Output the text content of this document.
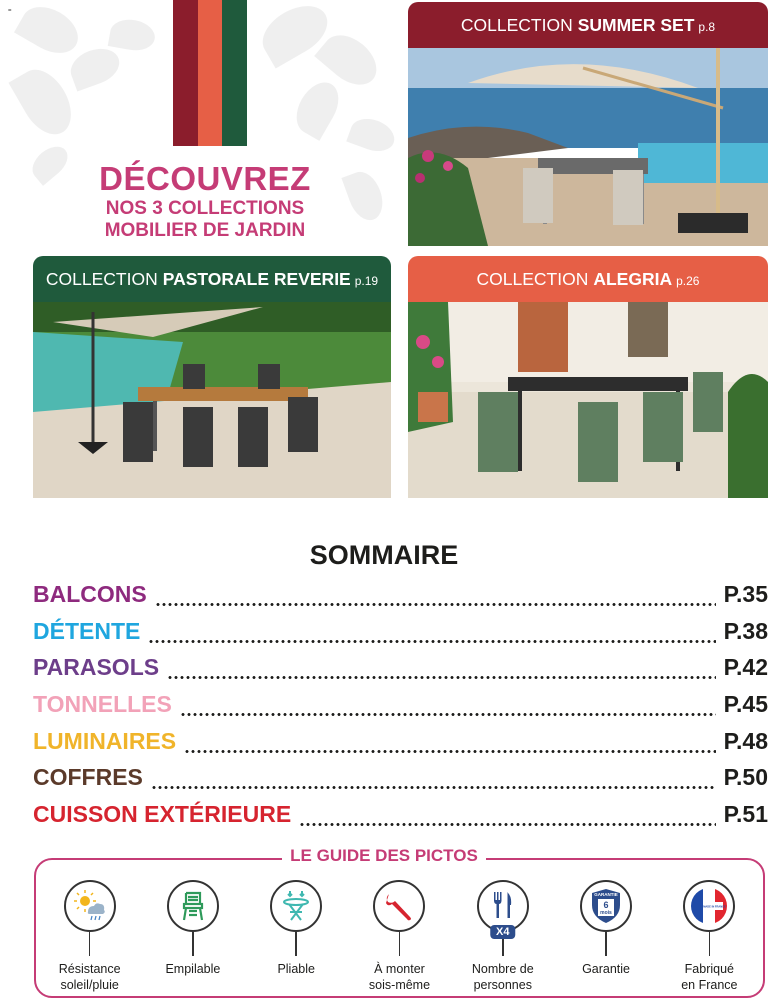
=
DÉCOUVREZ
NOS 3 COLLECTIONS
MOBILIER DE JARDIN
COLLECTION SUMMER SET p.8
COLLECTION PASTORALE REVERIE p.19	COLLECTION ALEGRIA p.26
SOMMAIRE
BALCONS	P.35
DÉTENTE	P.38
PARASOLS	P.42
TONNELLES	P.45
LUMINAIRES	P.48
COFFRES	P.50
CUISSON EXTÉRIEURE	P.51
LE GUIDE DES PICTOS
Résistance
soleil/pluie
Empilable	Pliable	À monter
sois-même
X4
Nombre de
personnes
GARANTIE
6
mois
Garantie
MADE IN FRANCE
Fabriqué
en France
